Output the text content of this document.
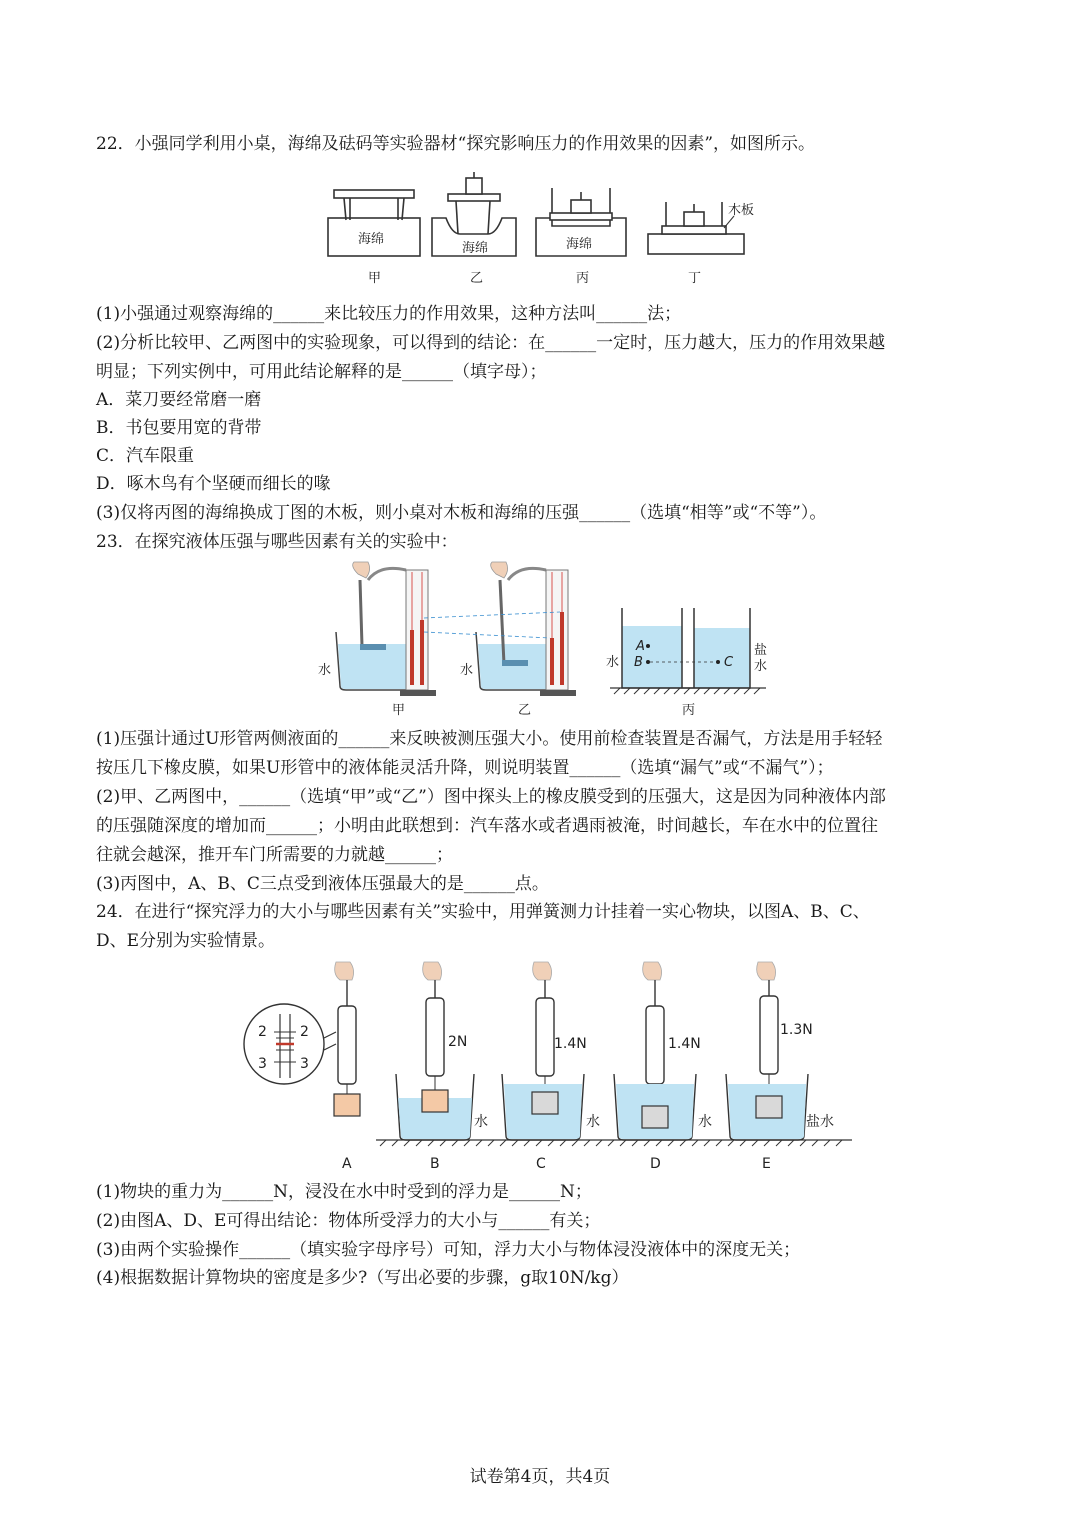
22．小强同学利用小桌，海绵及砝码等实验器材“探究影响压力的作用效果的因素”，如图所示。
海绵
海绵	海绵
木板
甲	乙	丙	丁
(1)小强通过观察海绵的______来比较压力的作用效果，这种方法叫______法；
(2)分析比较甲、乙两图中的实验现象，可以得到的结论：在______一定时，压力越大，压力的作用效果越
明显；下列实例中，可用此结论解释的是______（填字母）；
A．菜刀要经常磨一磨
B．书包要用宽的背带
C．汽车限重
D．啄木鸟有个坚硬而细长的喙
(3)仅将丙图的海绵换成丁图的木板，则小桌对木板和海绵的压强______（选填“相等”或“不等”）。
23．在探究液体压强与哪些因素有关的实验中：
水	水
水
盐
水
A
B	C
甲	乙	丙
(1)压强计通过U形管两侧液面的______来反映被测压强大小。使用前检查装置是否漏气，方法是用手轻轻
按压几下橡皮膜，如果U形管中的液体能灵活升降，则说明装置______（选填“漏气”或“不漏气”）；
(2)甲、乙两图中，______（选填“甲”或“乙”）图中探头上的橡皮膜受到的压强大，这是因为同种液体内部
的压强随深度的增加而______；小明由此联想到：汽车落水或者遇雨被淹，时间越长，车在水中的位置往
往就会越深，推开车门所需要的力就越______；
(3)丙图中，A、B、C三点受到液体压强最大的是______点。
24．在进行“探究浮力的大小与哪些因素有关”实验中，用弹簧测力计挂着一实心物块，以图A、B、C、
D、E分别为实验情景。
2 2
3 3
2N	1.4N	1.4N
1.3N
水	水	水	盐水
A	B	C	D	E
(1)物块的重力为______N，浸没在水中时受到的浮力是______N；
(2)由图A、D、E可得出结论：物体所受浮力的大小与______有关；
(3)由两个实验操作______（填实验字母序号）可知，浮力大小与物体浸没液体中的深度无关；
(4)根据数据计算物块的密度是多少?（写出必要的步骤，g取10N/kg）
试卷第4页，共4页
